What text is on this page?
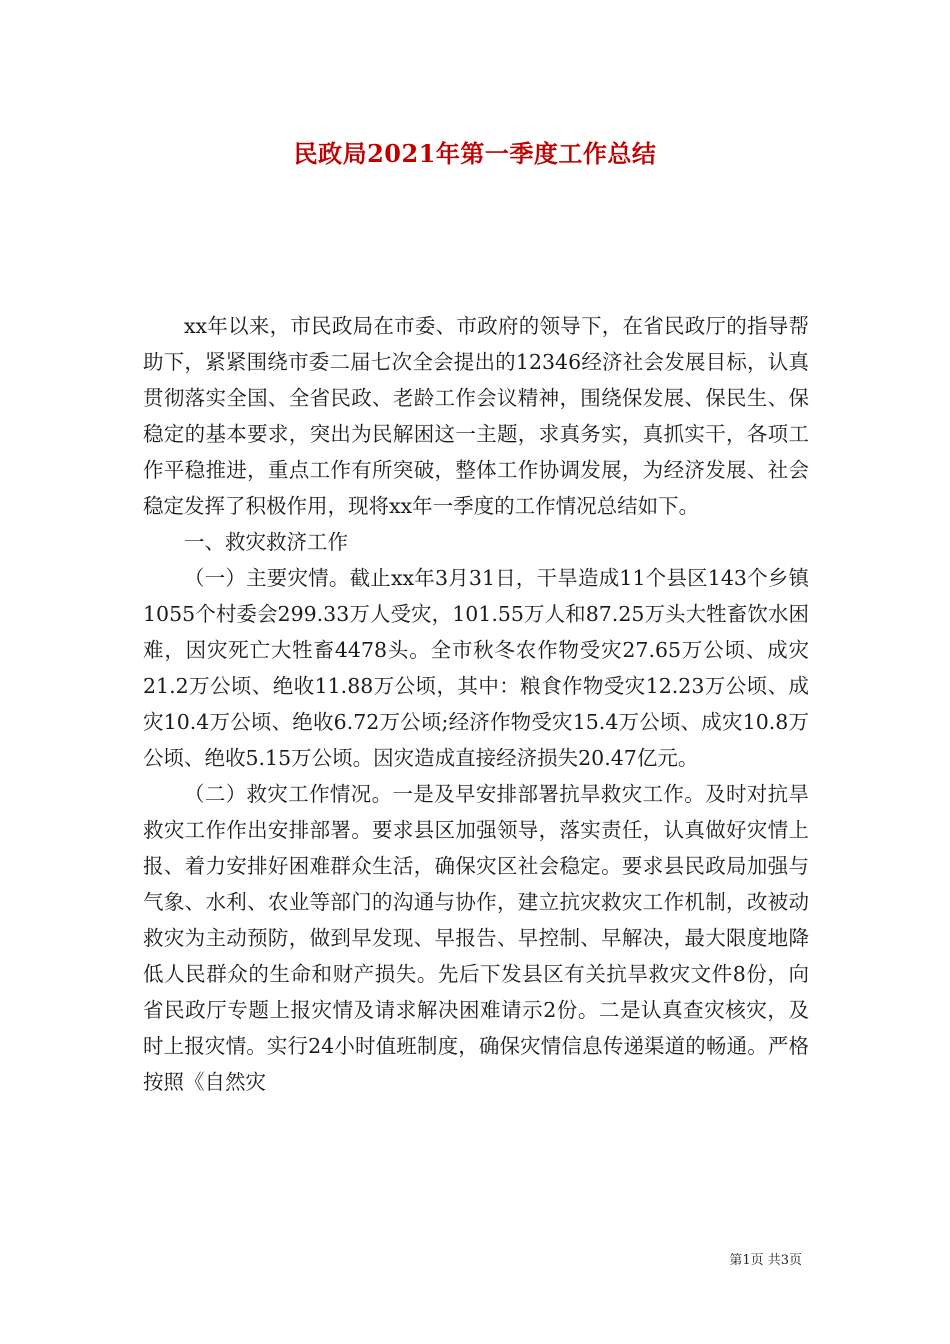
民政局2021年第一季度工作总结

xx年以来，市民政局在市委、市政府的领导下，在省民政厅的指导帮助下，紧紧围绕市委二届七次全会提出的12346经济社会发展目标，认真贯彻落实全国、全省民政、老龄工作会议精神，围绕保发展、保民生、保稳定的基本要求，突出为民解困这一主题，求真务实，真抓实干，各项工作平稳推进，重点工作有所突破，整体工作协调发展，为经济发展、社会稳定发挥了积极作用，现将xx年一季度的工作情况总结如下。

一、救灾救济工作

（一）主要灾情。截止xx年3月31日，干旱造成11个县区143个乡镇1055个村委会299.33万人受灾，101.55万人和87.25万头大牲畜饮水困难，因灾死亡大牲畜4478头。全市秋冬农作物受灾27.65万公顷、成灾21.2万公顷、绝收11.88万公顷，其中：粮食作物受灾12.23万公顷、成灾10.4万公顷、绝收6.72万公顷;经济作物受灾15.4万公顷、成灾10.8万公顷、绝收5.15万公顷。因灾造成直接经济损失20.47亿元。

（二）救灾工作情况。一是及早安排部署抗旱救灾工作。及时对抗旱救灾工作作出安排部署。要求县区加强领导，落实责任，认真做好灾情上报、着力安排好困难群众生活，确保灾区社会稳定。要求县民政局加强与气象、水利、农业等部门的沟通与协作，建立抗灾救灾工作机制，改被动救灾为主动预防，做到早发现、早报告、早控制、早解决，最大限度地降低人民群众的生命和财产损失。先后下发县区有关抗旱救灾文件8份，向省民政厅专题上报灾情及请求解决困难请示2份。二是认真查灾核灾，及时上报灾情。实行24小时值班制度，确保灾情信息传递渠道的畅通。严格按照《自然灾

第1页 共3页
